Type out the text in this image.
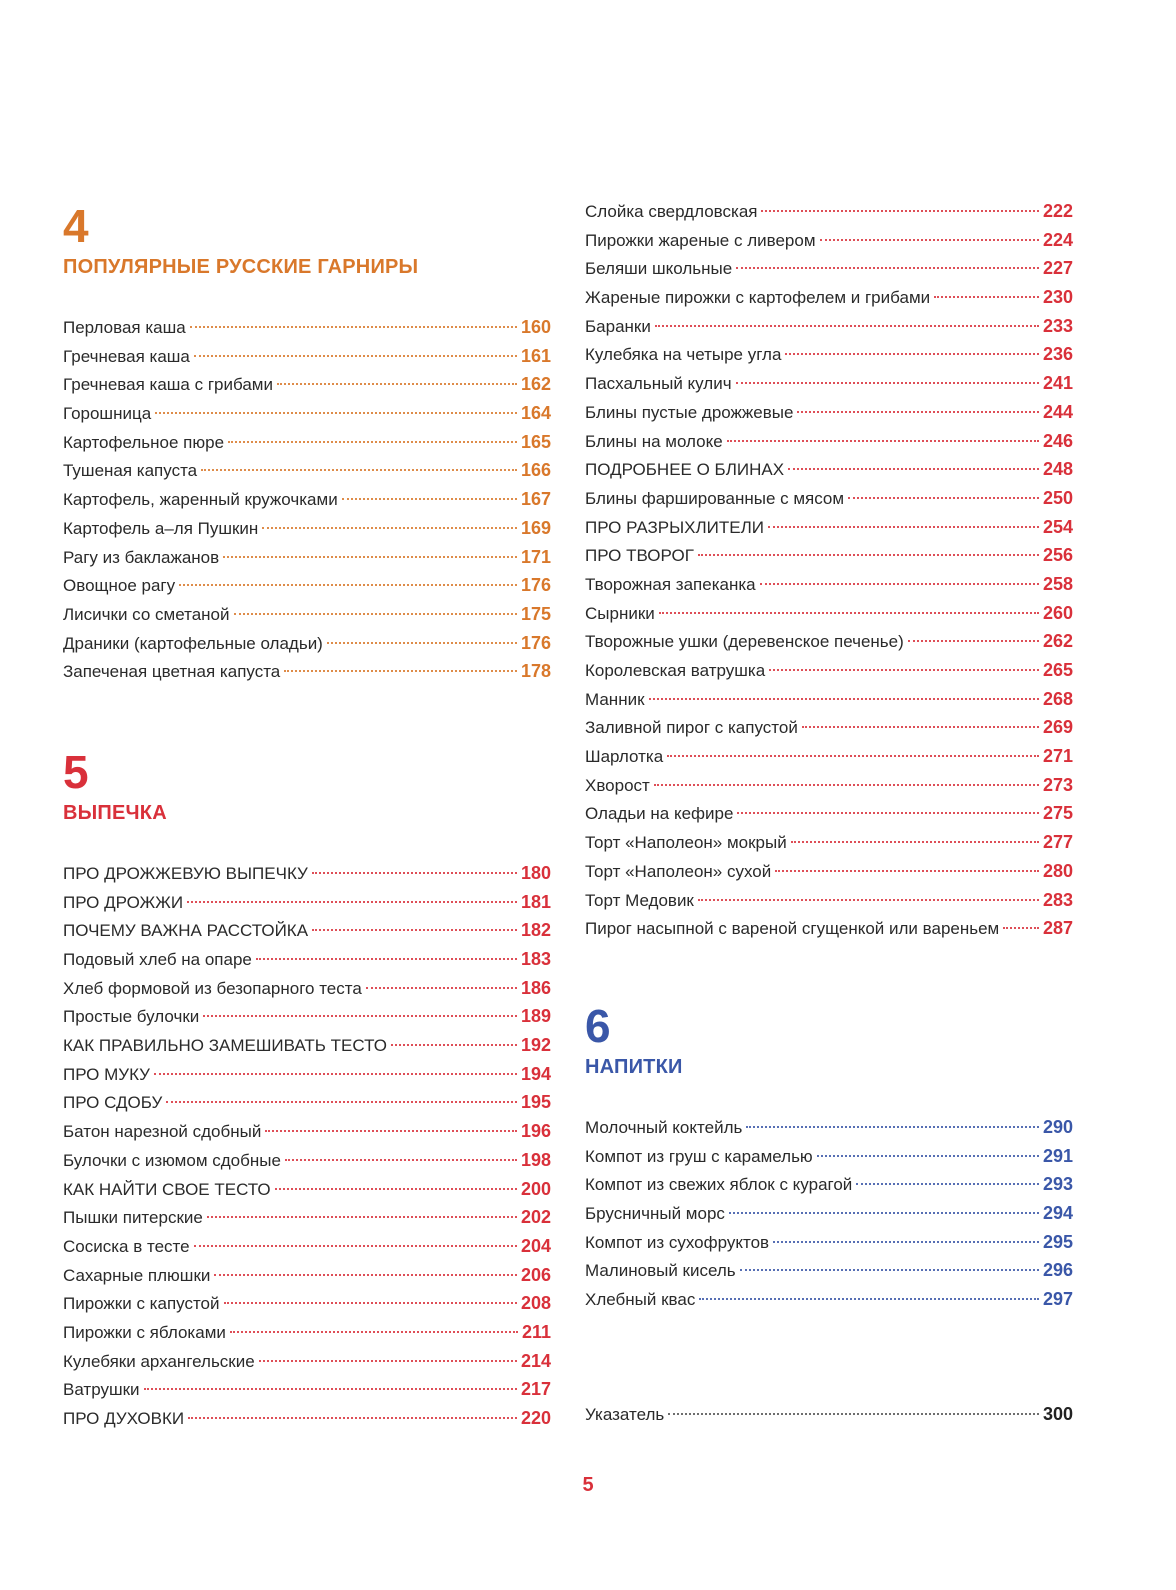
4
ПОПУЛЯРНЫЕ РУССКИЕ ГАРНИРЫ
Перловая каша	160
Гречневая каша	161
Гречневая каша с грибами	162
Горошница	164
Картофельное пюре	165
Тушеная капуста	166
Картофель, жаренный кружочками	167
Картофель а–ля Пушкин	169
Рагу из баклажанов	171
Овощное рагу	176
Лисички со сметаной	175
Драники (картофельные оладьи)	176
Запеченая цветная капуста	178
5
ВЫПЕЧКА
ПРО ДРОЖЖЕВУЮ ВЫПЕЧКУ	180
ПРО ДРОЖЖИ	181
ПОЧЕМУ ВАЖНА РАССТОЙКА	182
Подовый хлеб на опаре	183
Хлеб формовой из безопарного теста	186
Простые булочки	189
КАК ПРАВИЛЬНО ЗАМЕШИВАТЬ ТЕСТО	192
ПРО МУКУ	194
ПРО СДОБУ	195
Батон нарезной сдобный	196
Булочки с изюмом сдобные	198
КАК НАЙТИ СВОЕ ТЕСТО	200
Пышки питерские	202
Сосиска в тесте	204
Сахарные плюшки	206
Пирожки с капустой	208
Пирожки с яблоками	211
Кулебяки архангельские	214
Ватрушки	217
ПРО ДУХОВКИ	220
Слойка свердловская	222
Пирожки жареные с ливером	224
Беляши школьные	227
Жареные пирожки с картофелем и грибами	230
Баранки	233
Кулебяка на четыре угла	236
Пасхальный кулич	241
Блины пустые дрожжевые	244
Блины на молоке	246
ПОДРОБНЕЕ О БЛИНАХ	248
Блины фаршированные с мясом	250
ПРО РАЗРЫХЛИТЕЛИ	254
ПРО ТВОРОГ	256
Творожная запеканка	258
Сырники	260
Творожные ушки (деревенское печенье)	262
Королевская ватрушка	265
Манник	268
Заливной пирог с капустой	269
Шарлотка	271
Хворост	273
Оладьи на кефире	275
Торт «Наполеон» мокрый	277
Торт «Наполеон» сухой	280
Торт Медовик	283
Пирог насыпной с вареной сгущенкой или вареньем 287
6
НАПИТКИ
Молочный коктейль	290
Компот из груш с карамелью	291
Компот из свежих яблок с курагой	293
Брусничный морс	294
Компот из сухофруктов	295
Малиновый кисель	296
Хлебный квас	297
Указатель	300
5
